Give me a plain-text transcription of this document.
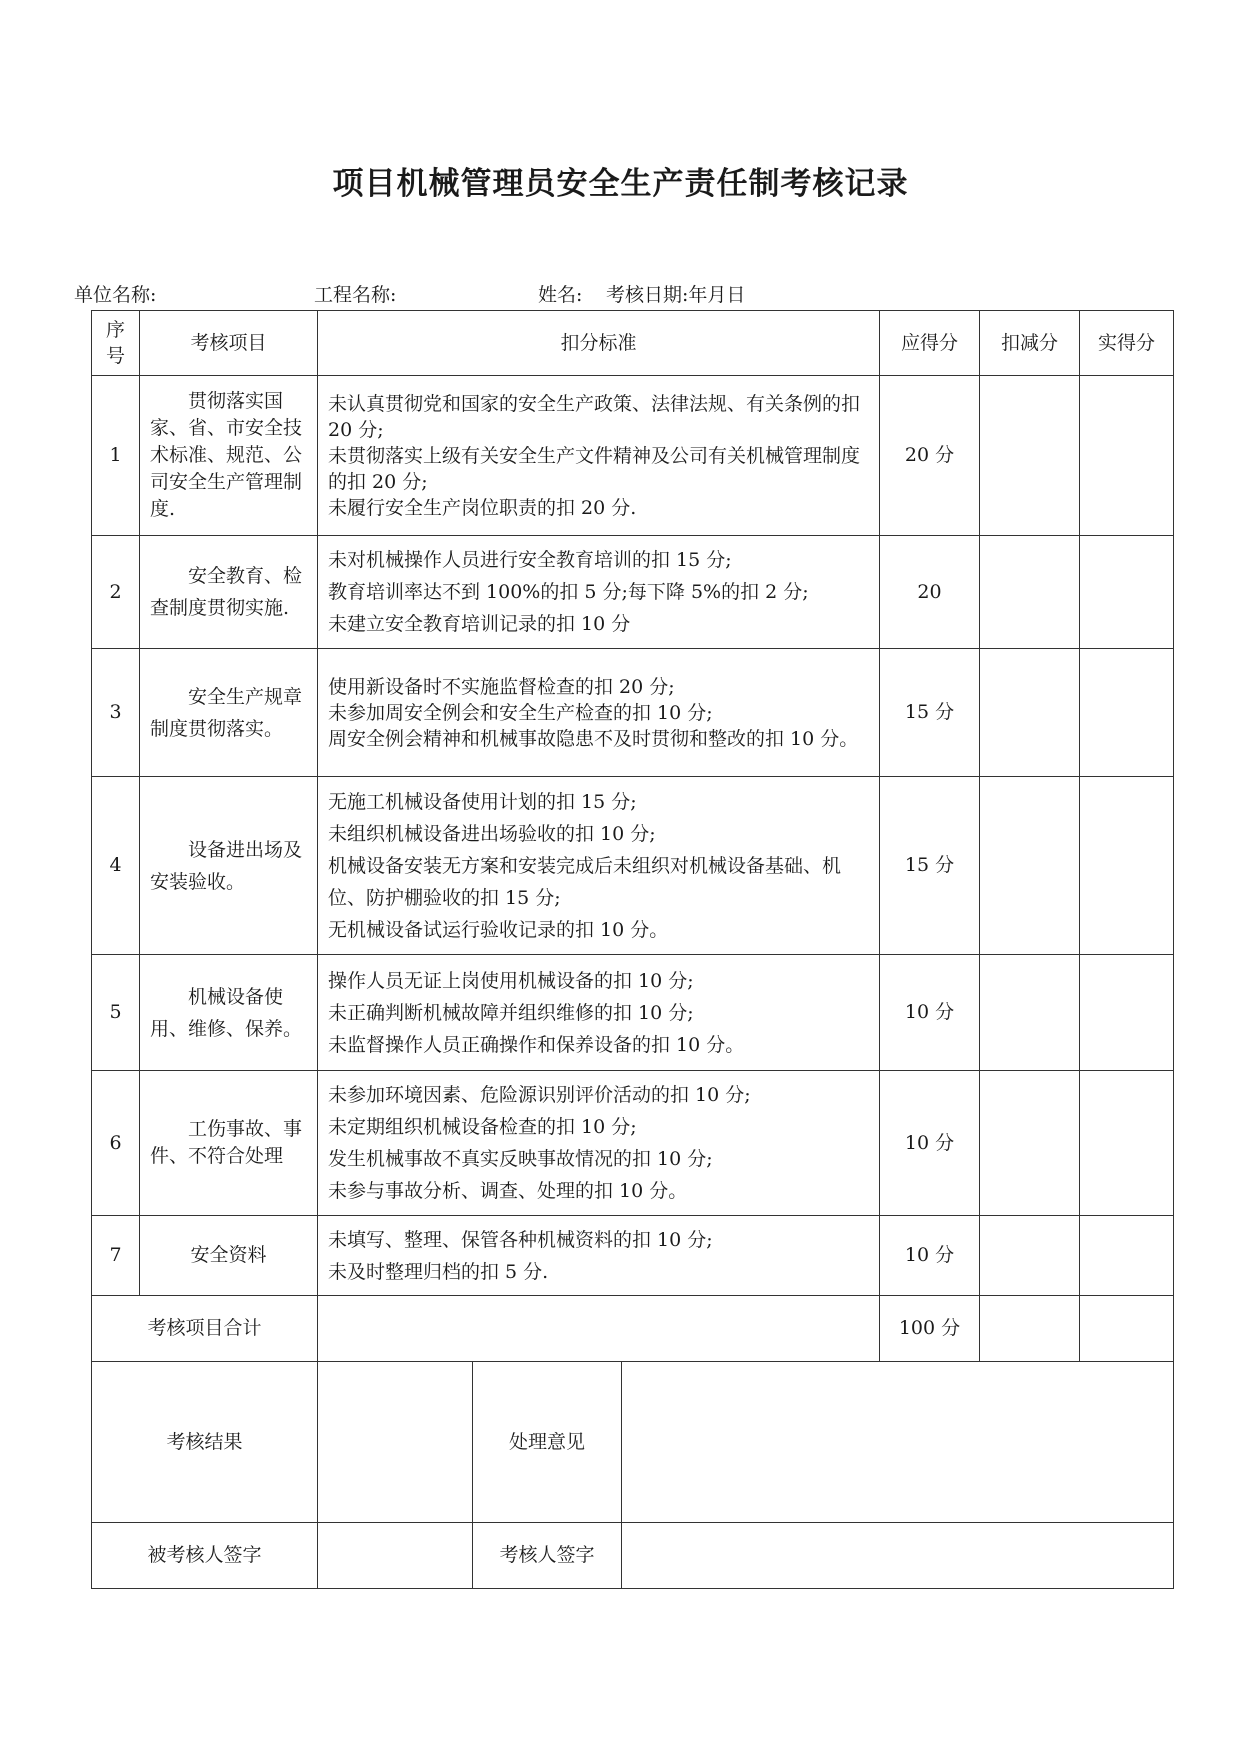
项目机械管理员安全生产责任制考核记录
单位名称:	工程名称:	姓名: 考核日期:年月日
序号	考核项目	扣分标准			应得分	扣减分	实得分
1	贯彻落实国家、省、市安全技术标准、规范、公司安全生产管理制度.	未认真贯彻党和国家的安全生产政策、法律法规、有关条例的扣 20 分;
未贯彻落实上级有关安全生产文件精神及公司有关机械管理制度的扣 20 分;
未履行安全生产岗位职责的扣 20 分.			20 分		
2	安全教育、检查制度贯彻实施.	未对机械操作人员进行安全教育培训的扣 15 分;
教育培训率达不到 100%的扣 5 分;每下降 5%的扣 2 分;
未建立安全教育培训记录的扣 10 分			20		
3	安全生产规章制度贯彻落实。	使用新设备时不实施监督检查的扣 20 分;
未参加周安全例会和安全生产检查的扣 10 分;
周安全例会精神和机械事故隐患不及时贯彻和整改的扣 10 分。			15 分		
4	设备进出场及安装验收。	无施工机械设备使用计划的扣 15 分;
未组织机械设备进出场验收的扣 10 分;
机械设备安装无方案和安装完成后未组织对机械设备基础、机位、防护棚验收的扣 15 分;
无机械设备试运行验收记录的扣 10 分。			15 分		
5	机械设备使用、维修、保养。	操作人员无证上岗使用机械设备的扣 10 分;
未正确判断机械故障并组织维修的扣 10 分;
未监督操作人员正确操作和保养设备的扣 10 分。			10 分		
6	工伤事故、事件、不符合处理	未参加环境因素、危险源识别评价活动的扣 10 分;
未定期组织机械设备检查的扣 10 分;
发生机械事故不真实反映事故情况的扣 10 分;
未参与事故分析、调查、处理的扣 10 分。			10 分		
7	安全资料	未填写、整理、保管各种机械资料的扣 10 分;
未及时整理归档的扣 5 分.			10 分		
考核项目合计					100 分		
考核结果			处理意见				
被考核人签字			考核人签字				
